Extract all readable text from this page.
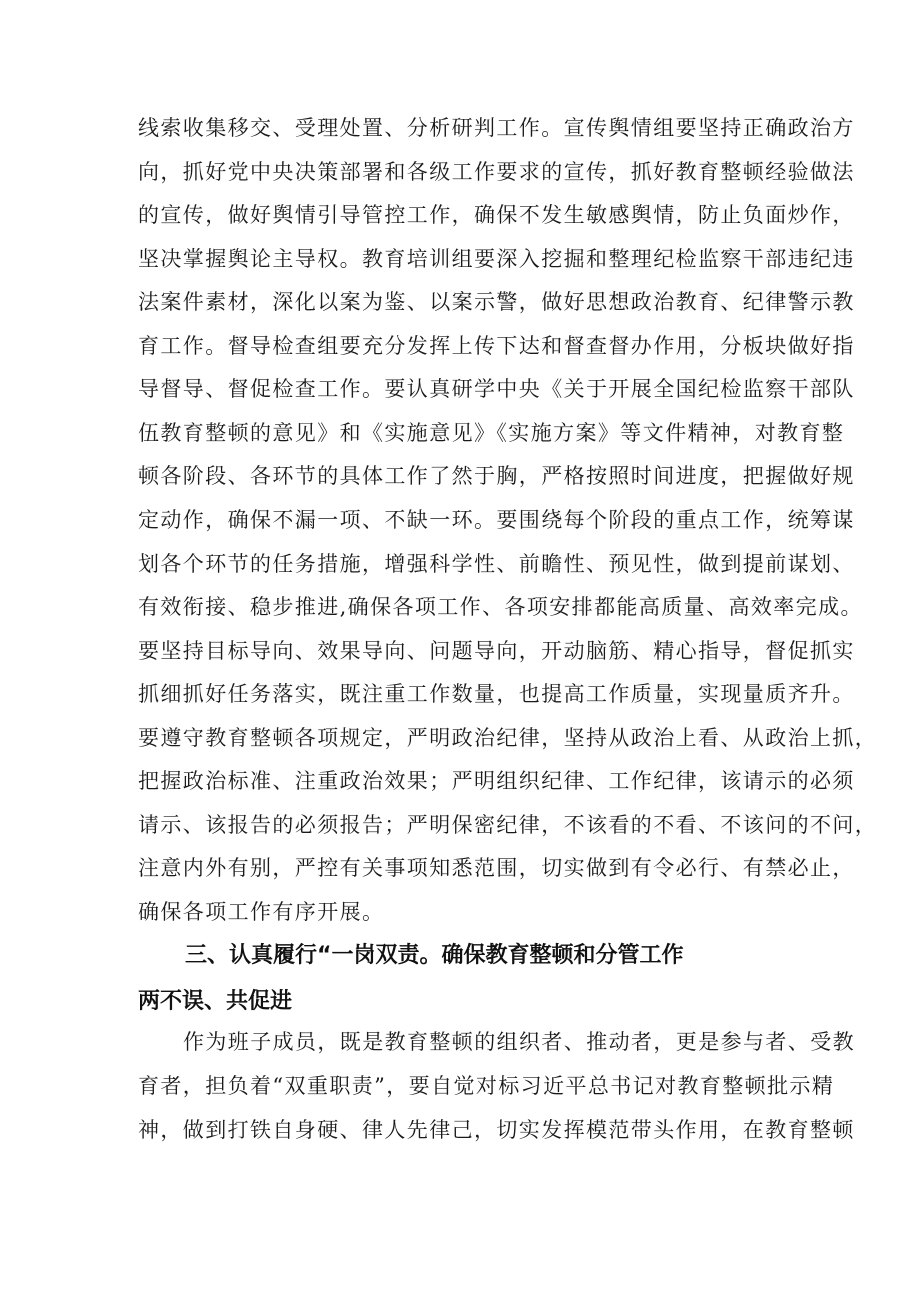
线索收集移交、受理处置、分析研判工作。宣传舆情组要坚持正确政治方
向，抓好党中央决策部署和各级工作要求的宣传，抓好教育整顿经验做法
的宣传，做好舆情引导管控工作，确保不发生敏感舆情，防止负面炒作，
坚决掌握舆论主导权。教育培训组要深入挖掘和整理纪检监察干部违纪违
法案件素材，深化以案为鉴、以案示警，做好思想政治教育、纪律警示教
育工作。督导检查组要充分发挥上传下达和督查督办作用，分板块做好指
导督导、督促检查工作。要认真研学中央《关于开展全国纪检监察干部队
伍教育整顿的意见》和《实施意见》《实施方案》等文件精神，对教育整
顿各阶段、各环节的具体工作了然于胸，严格按照时间进度，把握做好规
定动作，确保不漏一项、不缺一环。要围绕每个阶段的重点工作，统筹谋
划各个环节的任务措施，增强科学性、前瞻性、预见性，做到提前谋划、
有效衔接、稳步推进,确保各项工作、各项安排都能高质量、高效率完成。
要坚持目标导向、效果导向、问题导向，开动脑筋、精心指导，督促抓实
抓细抓好任务落实，既注重工作数量，也提高工作质量，实现量质齐升。
要遵守教育整顿各项规定，严明政治纪律，坚持从政治上看、从政治上抓，
把握政治标准、注重政治效果；严明组织纪律、工作纪律，该请示的必须
请示、该报告的必须报告；严明保密纪律，不该看的不看、不该问的不问，
注意内外有别，严控有关事项知悉范围，切实做到有令必行、有禁必止，
确保各项工作有序开展。
三、认真履行“一岗双责。确保教育整顿和分管工作
两不误、共促进
作为班子成员，既是教育整顿的组织者、推动者，更是参与者、受教
育者，担负着“双重职责”，要自觉对标习近平总书记对教育整顿批示精
神，做到打铁自身硬、律人先律己，切实发挥模范带头作用，在教育整顿
